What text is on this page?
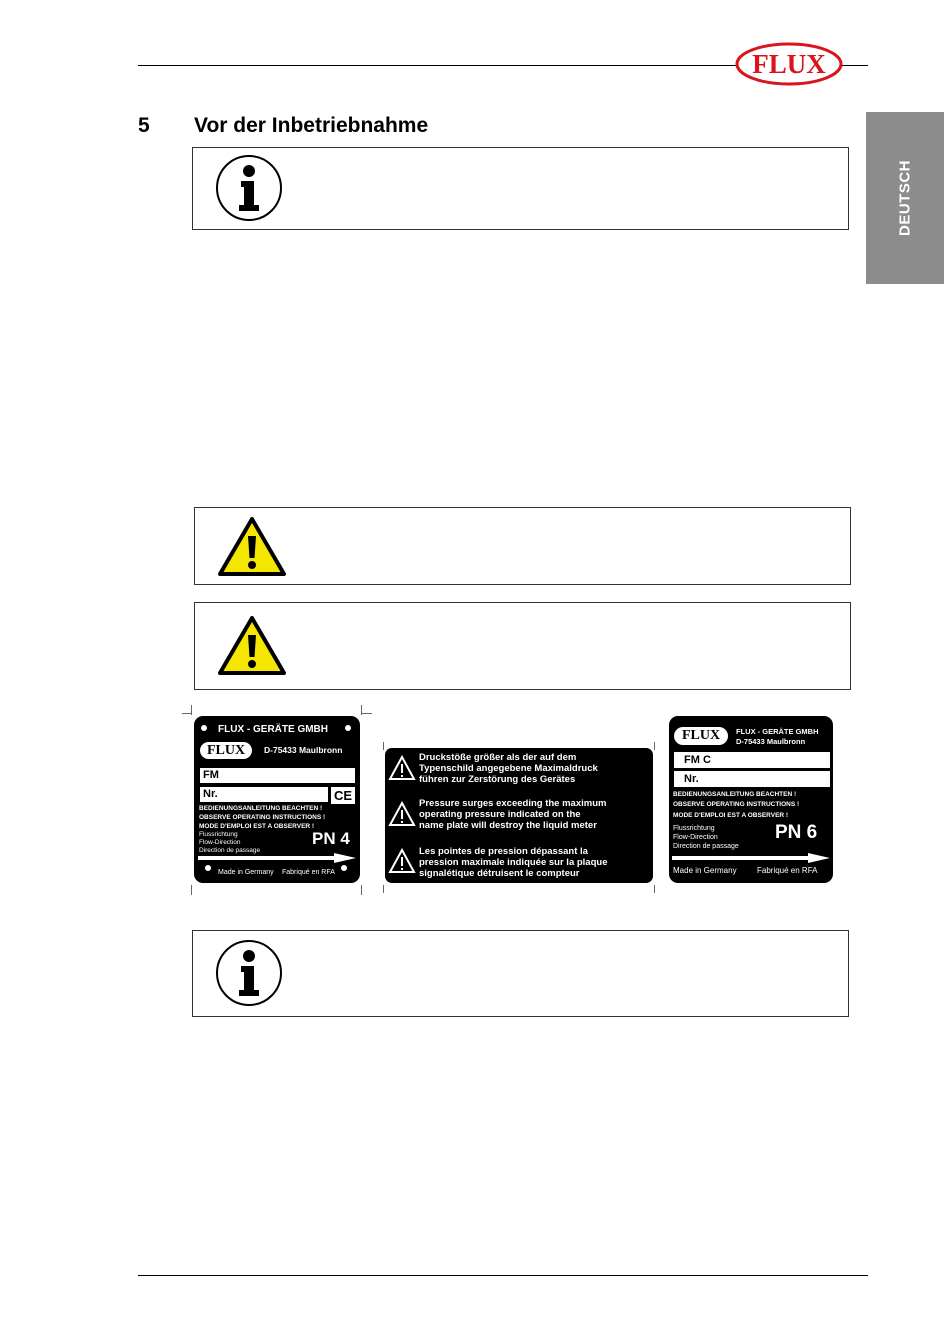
FLUX
DEUTSCH
5 Vor der Inbetriebnahme
FLUX - GERÄTE GMBH
FLUX	D-75433 Maulbronn
FM
Nr.	CE
BEDIENUNGSANLEITUNG BEACHTEN !
OBSERVE OPERATING INSTRUCTIONS !
MODE D'EMPLOI EST A OBSERVER !
Flussrichtung
Flow-Direction
Direction de passage
PN 4
Made in Germany Fabriqué en RFA
Druckstöße größer als der auf dem
Typenschild angegebene Maximaldruck
führen zur Zerstörung des Gerätes
Pressure surges exceeding the maximum
operating pressure indicated on the
name plate will destroy the liquid meter
Les pointes de pression dépassant la
pression maximale indiquée sur la plaque
signalétique détruisent le compteur
FLUX	FLUX - GERÄTE GMBH
D-75433 Maulbronn
FM C
Nr.
BEDIENUNGSANLEITUNG BEACHTEN !
OBSERVE OPERATING INSTRUCTIONS !
MODE D'EMPLOI EST A OBSERVER !
Flussrichtung
Flow-Direction
Direction de passage
PN 6
Made in Germany	Fabriqué en RFA
